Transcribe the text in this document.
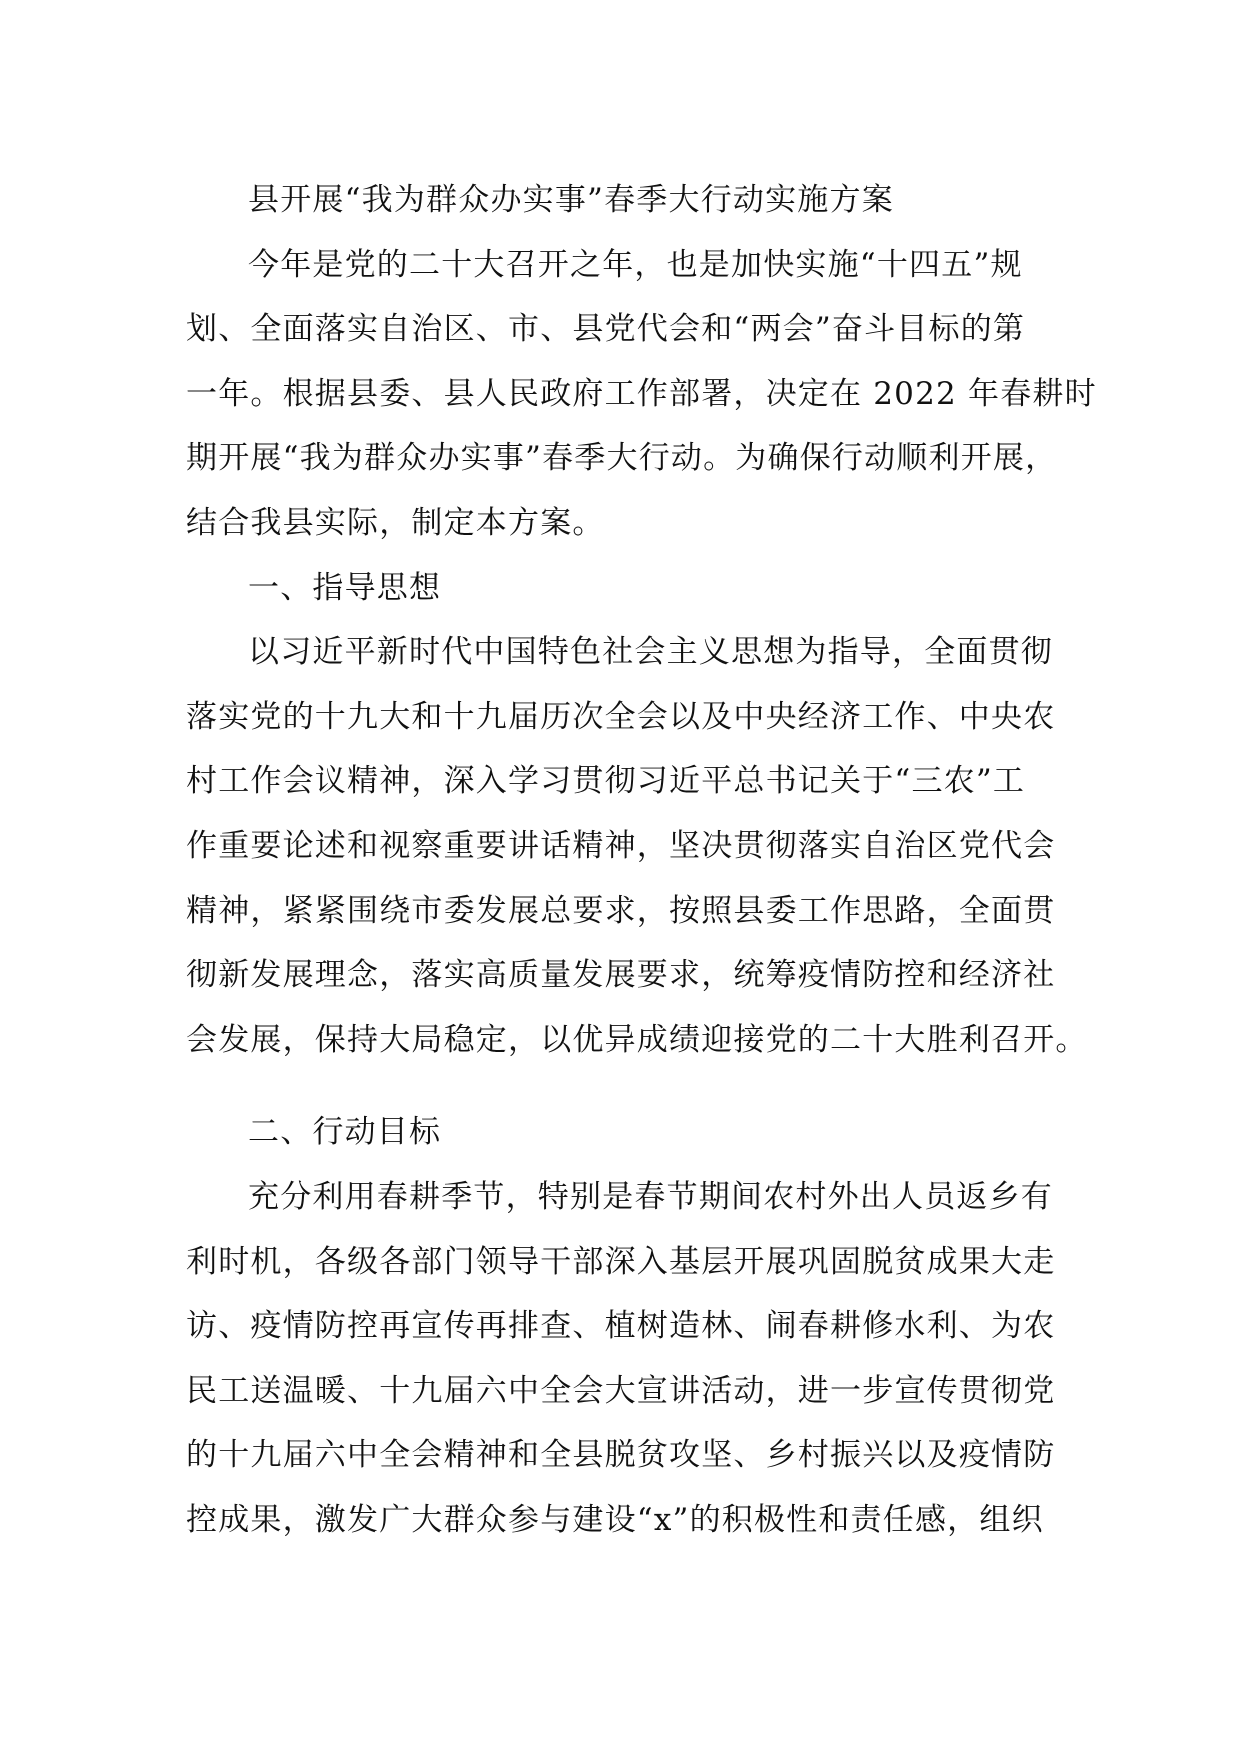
县开展“我为群众办实事”春季大行动实施方案
今年是党的二十大召开之年，也是加快实施“十四五”规
划、全面落实自治区、市、县党代会和“两会”奋斗目标的第
一年。根据县委、县人民政府工作部署，决定在 2022 年春耕时
期开展“我为群众办实事”春季大行动。为确保行动顺利开展，
结合我县实际，制定本方案。
一、指导思想
以习近平新时代中国特色社会主义思想为指导，全面贯彻
落实党的十九大和十九届历次全会以及中央经济工作、中央农
村工作会议精神，深入学习贯彻习近平总书记关于“三农”工
作重要论述和视察重要讲话精神，坚决贯彻落实自治区党代会
精神，紧紧围绕市委发展总要求，按照县委工作思路，全面贯
彻新发展理念，落实高质量发展要求，统筹疫情防控和经济社
会发展，保持大局稳定，以优异成绩迎接党的二十大胜利召开。
二、行动目标
充分利用春耕季节，特别是春节期间农村外出人员返乡有
利时机，各级各部门领导干部深入基层开展巩固脱贫成果大走
访、疫情防控再宣传再排查、植树造林、闹春耕修水利、为农
民工送温暖、十九届六中全会大宣讲活动，进一步宣传贯彻党
的十九届六中全会精神和全县脱贫攻坚、乡村振兴以及疫情防
控成果，激发广大群众参与建设“x”的积极性和责任感，组织
